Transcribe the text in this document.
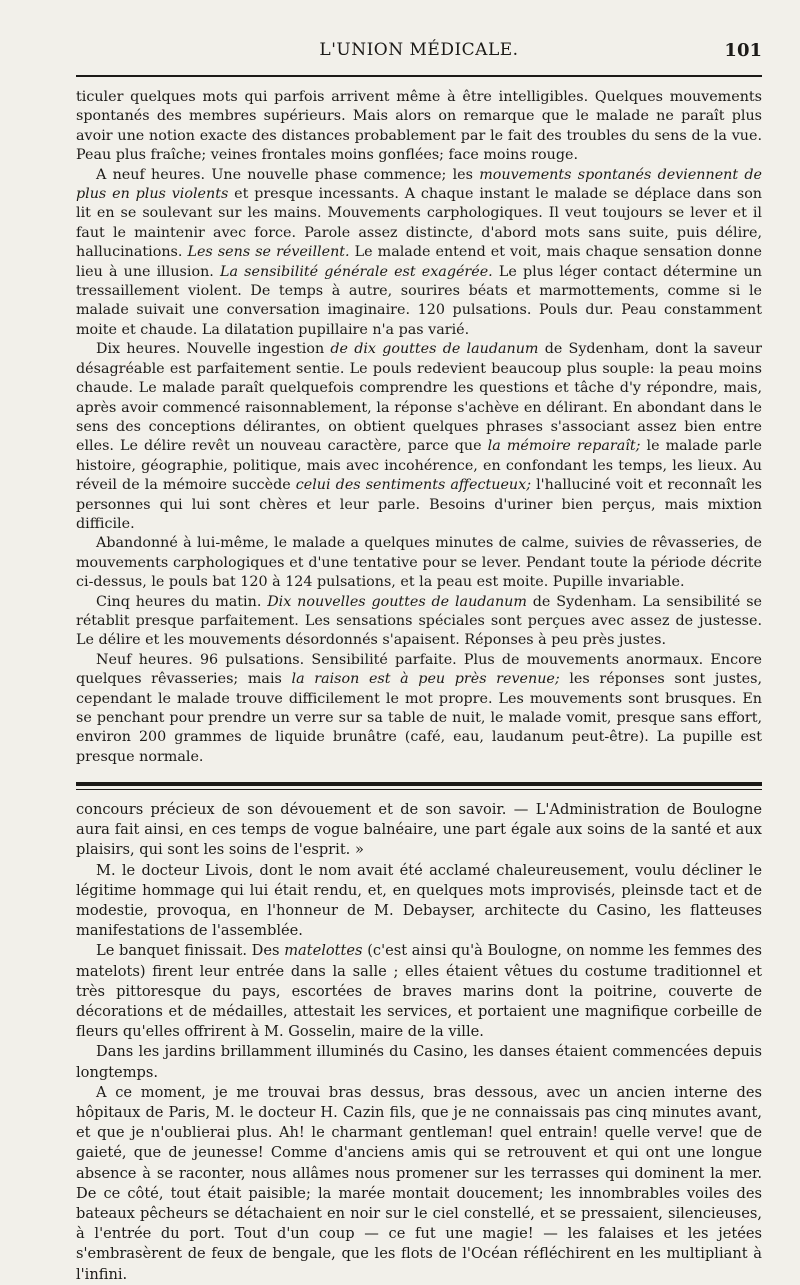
L'UNION MÉDICALE.	101

ticuler quelques mots qui parfois arrivent même à être intelligibles. Quelques mouvements spontanés des membres supérieurs. Mais alors on remarque que le malade ne paraît plus avoir une notion exacte des distances probablement par le fait des troubles du sens de la vue. Peau plus fraîche; veines frontales moins gonflées; face moins rouge.

A neuf heures. Une nouvelle phase commence; les mouvements spontanés deviennent de plus en plus violents et presque incessants. A chaque instant le malade se déplace dans son lit en se soulevant sur les mains. Mouvements carphologiques. Il veut toujours se lever et il faut le maintenir avec force. Parole assez distincte, d'abord mots sans suite, puis délire, hallucinations. Les sens se réveillent. Le malade entend et voit, mais chaque sensation donne lieu à une illusion. La sensibilité générale est exagérée. Le plus léger contact détermine un tressaillement violent. De temps à autre, sourires béats et marmottements, comme si le malade suivait une conversation imaginaire. 120 pulsations. Pouls dur. Peau constamment moite et chaude. La dilatation pupillaire n'a pas varié.

Dix heures. Nouvelle ingestion de dix gouttes de laudanum de Sydenham, dont la saveur désagréable est parfaitement sentie. Le pouls redevient beaucoup plus souple: la peau moins chaude. Le malade paraît quelquefois comprendre les questions et tâche d'y répondre, mais, après avoir commencé raisonnablement, la réponse s'achève en délirant. En abondant dans le sens des conceptions délirantes, on obtient quelques phrases s'associant assez bien entre elles. Le délire revêt un nouveau caractère, parce que la mémoire reparaît; le malade parle histoire, géographie, politique, mais avec incohérence, en confondant les temps, les lieux. Au réveil de la mémoire succède celui des sentiments affectueux; l'halluciné voit et reconnaît les personnes qui lui sont chères et leur parle. Besoins d'uriner bien perçus, mais mixtion difficile.

Abandonné à lui-même, le malade a quelques minutes de calme, suivies de rêvasseries, de mouvements carphologiques et d'une tentative pour se lever. Pendant toute la période décrite ci-dessus, le pouls bat 120 à 124 pulsations, et la peau est moite. Pupille invariable.

Cinq heures du matin. Dix nouvelles gouttes de laudanum de Sydenham. La sensibilité se rétablit presque parfaitement. Les sensations spéciales sont perçues avec assez de justesse. Le délire et les mouvements désordonnés s'apaisent. Réponses à peu près justes.

Neuf heures. 96 pulsations. Sensibilité parfaite. Plus de mouvements anormaux. Encore quelques rêvasseries; mais la raison est à peu près revenue; les réponses sont justes, cependant le malade trouve difficilement le mot propre. Les mouvements sont brusques. En se penchant pour prendre un verre sur sa table de nuit, le malade vomit, presque sans effort, environ 200 grammes de liquide brunâtre (café, eau, laudanum peut-être). La pupille est presque normale.

concours précieux de son dévouement et de son savoir. — L'Administration de Boulogne aura fait ainsi, en ces temps de vogue balnéaire, une part égale aux soins de la santé et aux plaisirs, qui sont les soins de l'esprit. »

M. le docteur Livois, dont le nom avait été acclamé chaleureusement, voulu décliner le légitime hommage qui lui était rendu, et, en quelques mots improvisés, pleinsde tact et de modestie, provoqua, en l'honneur de M. Debayser, architecte du Casino, les flatteuses manifestations de l'assemblée.

Le banquet finissait. Des matelottes (c'est ainsi qu'à Boulogne, on nomme les femmes des matelots) firent leur entrée dans la salle ; elles étaient vêtues du costume traditionnel et très pittoresque du pays, escortées de braves marins dont la poitrine, couverte de décorations et de médailles, attestait les services, et portaient une magnifique corbeille de fleurs qu'elles offrirent à M. Gosselin, maire de la ville.

Dans les jardins brillamment illuminés du Casino, les danses étaient commencées depuis longtemps.

A ce moment, je me trouvai bras dessus, bras dessous, avec un ancien interne des hôpitaux de Paris, M. le docteur H. Cazin fils, que je ne connaissais pas cinq minutes avant, et que je n'oublierai plus. Ah! le charmant gentleman! quel entrain! quelle verve! que de gaieté, que de jeunesse! Comme d'anciens amis qui se retrouvent et qui ont une longue absence à se raconter, nous allâmes nous promener sur les terrasses qui dominent la mer. De ce côté, tout était paisible; la marée montait doucement; les innombrables voiles des bateaux pêcheurs se détachaient en noir sur le ciel constellé, et se pressaient, silencieuses, à l'entrée du port. Tout d'un coup — ce fut une magie! — les falaises et les jetées s'embrasèrent de feux de bengale, que les flots de l'Océan réfléchirent en les multipliant à l'infini.
